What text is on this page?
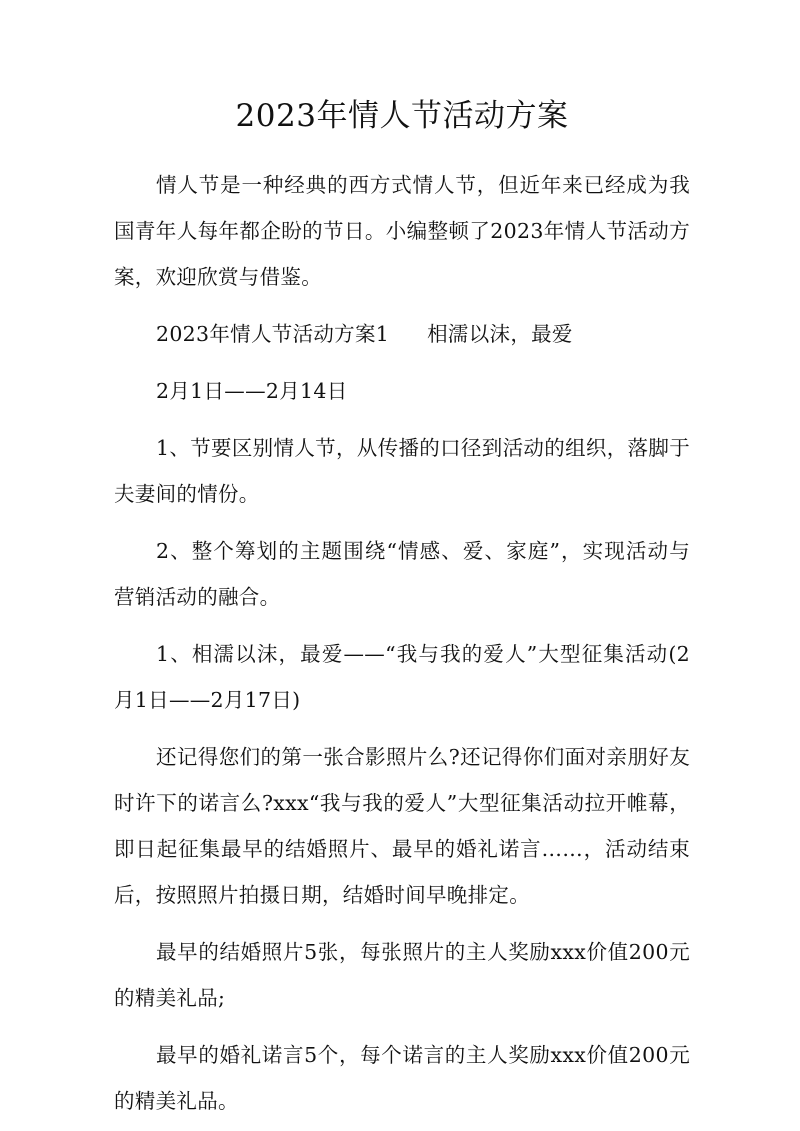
2023年情人节活动方案

情人节是一种经典的西方式情人节，但近年来已经成为我国青年人每年都企盼的节日。小编整顿了2023年情人节活动方案，欢迎欣赏与借鉴。

2023年情人节活动方案1 相濡以沫，最爱

2月1日——2月14日

1、节要区别情人节，从传播的口径到活动的组织，落脚于夫妻间的情份。

2、整个筹划的主题围绕“情感、爱、家庭”，实现活动与营销活动的融合。

1、相濡以沫，最爱——“我与我的爱人”大型征集活动(2月1日——2月17日)

还记得您们的第一张合影照片么?还记得你们面对亲朋好友时许下的诺言么?xxx“我与我的爱人”大型征集活动拉开帷幕，即日起征集最早的结婚照片、最早的婚礼诺言……，活动结束后，按照照片拍摄日期，结婚时间早晚排定。

最早的结婚照片5张，每张照片的主人奖励xxx价值200元的精美礼品;

最早的婚礼诺言5个，每个诺言的主人奖励xxx价值200元的精美礼品。
